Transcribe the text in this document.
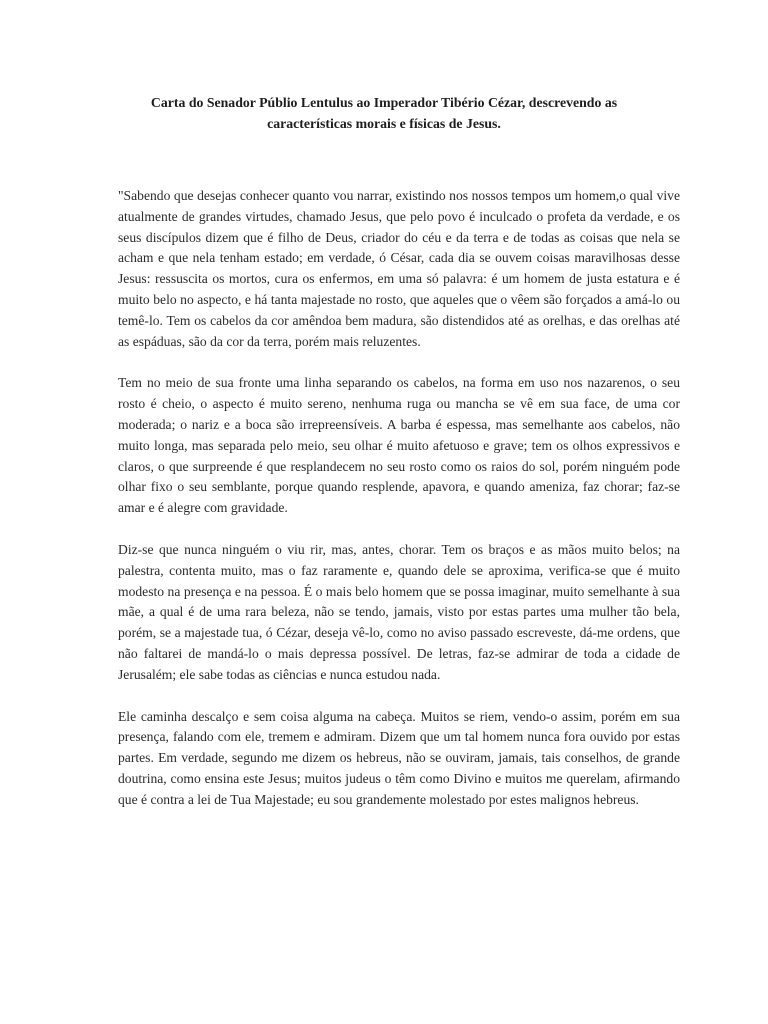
Carta do Senador Públio Lentulus ao Imperador Tibério Cézar, descrevendo as
características morais e físicas de Jesus.

"Sabendo que desejas conhecer quanto vou narrar, existindo nos nossos tempos um homem,o qual vive atualmente de grandes virtudes, chamado Jesus, que pelo povo é inculcado o profeta da verdade, e os seus discípulos dizem que é filho de Deus, criador do céu e da terra e de todas as coisas que nela se acham e que nela tenham estado; em verdade, ó César, cada dia se ouvem coisas maravilhosas desse Jesus: ressuscita os mortos, cura os enfermos, em uma só palavra: é um homem de justa estatura e é muito belo no aspecto, e há tanta majestade no rosto, que aqueles que o vêem são forçados a amá-lo ou temê-lo. Tem os cabelos da cor amêndoa bem madura, são distendidos até as orelhas, e das orelhas até as espáduas, são da cor da terra, porém mais reluzentes.

Tem no meio de sua fronte uma linha separando os cabelos, na forma em uso nos nazarenos, o seu rosto é cheio, o aspecto é muito sereno, nenhuma ruga ou mancha se vê em sua face, de uma cor moderada; o nariz e a boca são irrepreensíveis. A barba é espessa, mas semelhante aos cabelos, não muito longa, mas separada pelo meio, seu olhar é muito afetuoso e grave; tem os olhos expressivos e claros, o que surpreende é que resplandecem no seu rosto como os raios do sol, porém ninguém pode olhar fixo o seu semblante, porque quando resplende, apavora, e quando ameniza, faz chorar; faz-se amar e é alegre com gravidade.

Diz-se que nunca ninguém o viu rir, mas, antes, chorar. Tem os braços e as mãos muito belos; na palestra, contenta muito, mas o faz raramente e, quando dele se aproxima, verifica-se que é muito modesto na presença e na pessoa. É o mais belo homem que se possa imaginar, muito semelhante à sua mãe, a qual é de uma rara beleza, não se tendo, jamais, visto por estas partes uma mulher tão bela, porém, se a majestade tua, ó Cézar, deseja vê-lo, como no aviso passado escreveste, dá-me ordens, que não faltarei de mandá-lo o mais depressa possível. De letras, faz-se admirar de toda a cidade de Jerusalém; ele sabe todas as ciências e nunca estudou nada.

Ele caminha descalço e sem coisa alguma na cabeça. Muitos se riem, vendo-o assim, porém em sua presença, falando com ele, tremem e admiram. Dizem que um tal homem nunca fora ouvido por estas partes. Em verdade, segundo me dizem os hebreus, não se ouviram, jamais, tais conselhos, de grande doutrina, como ensina este Jesus; muitos judeus o têm como Divino e muitos me querelam, afirmando que é contra a lei de Tua Majestade; eu sou grandemente molestado por estes malignos hebreus.
